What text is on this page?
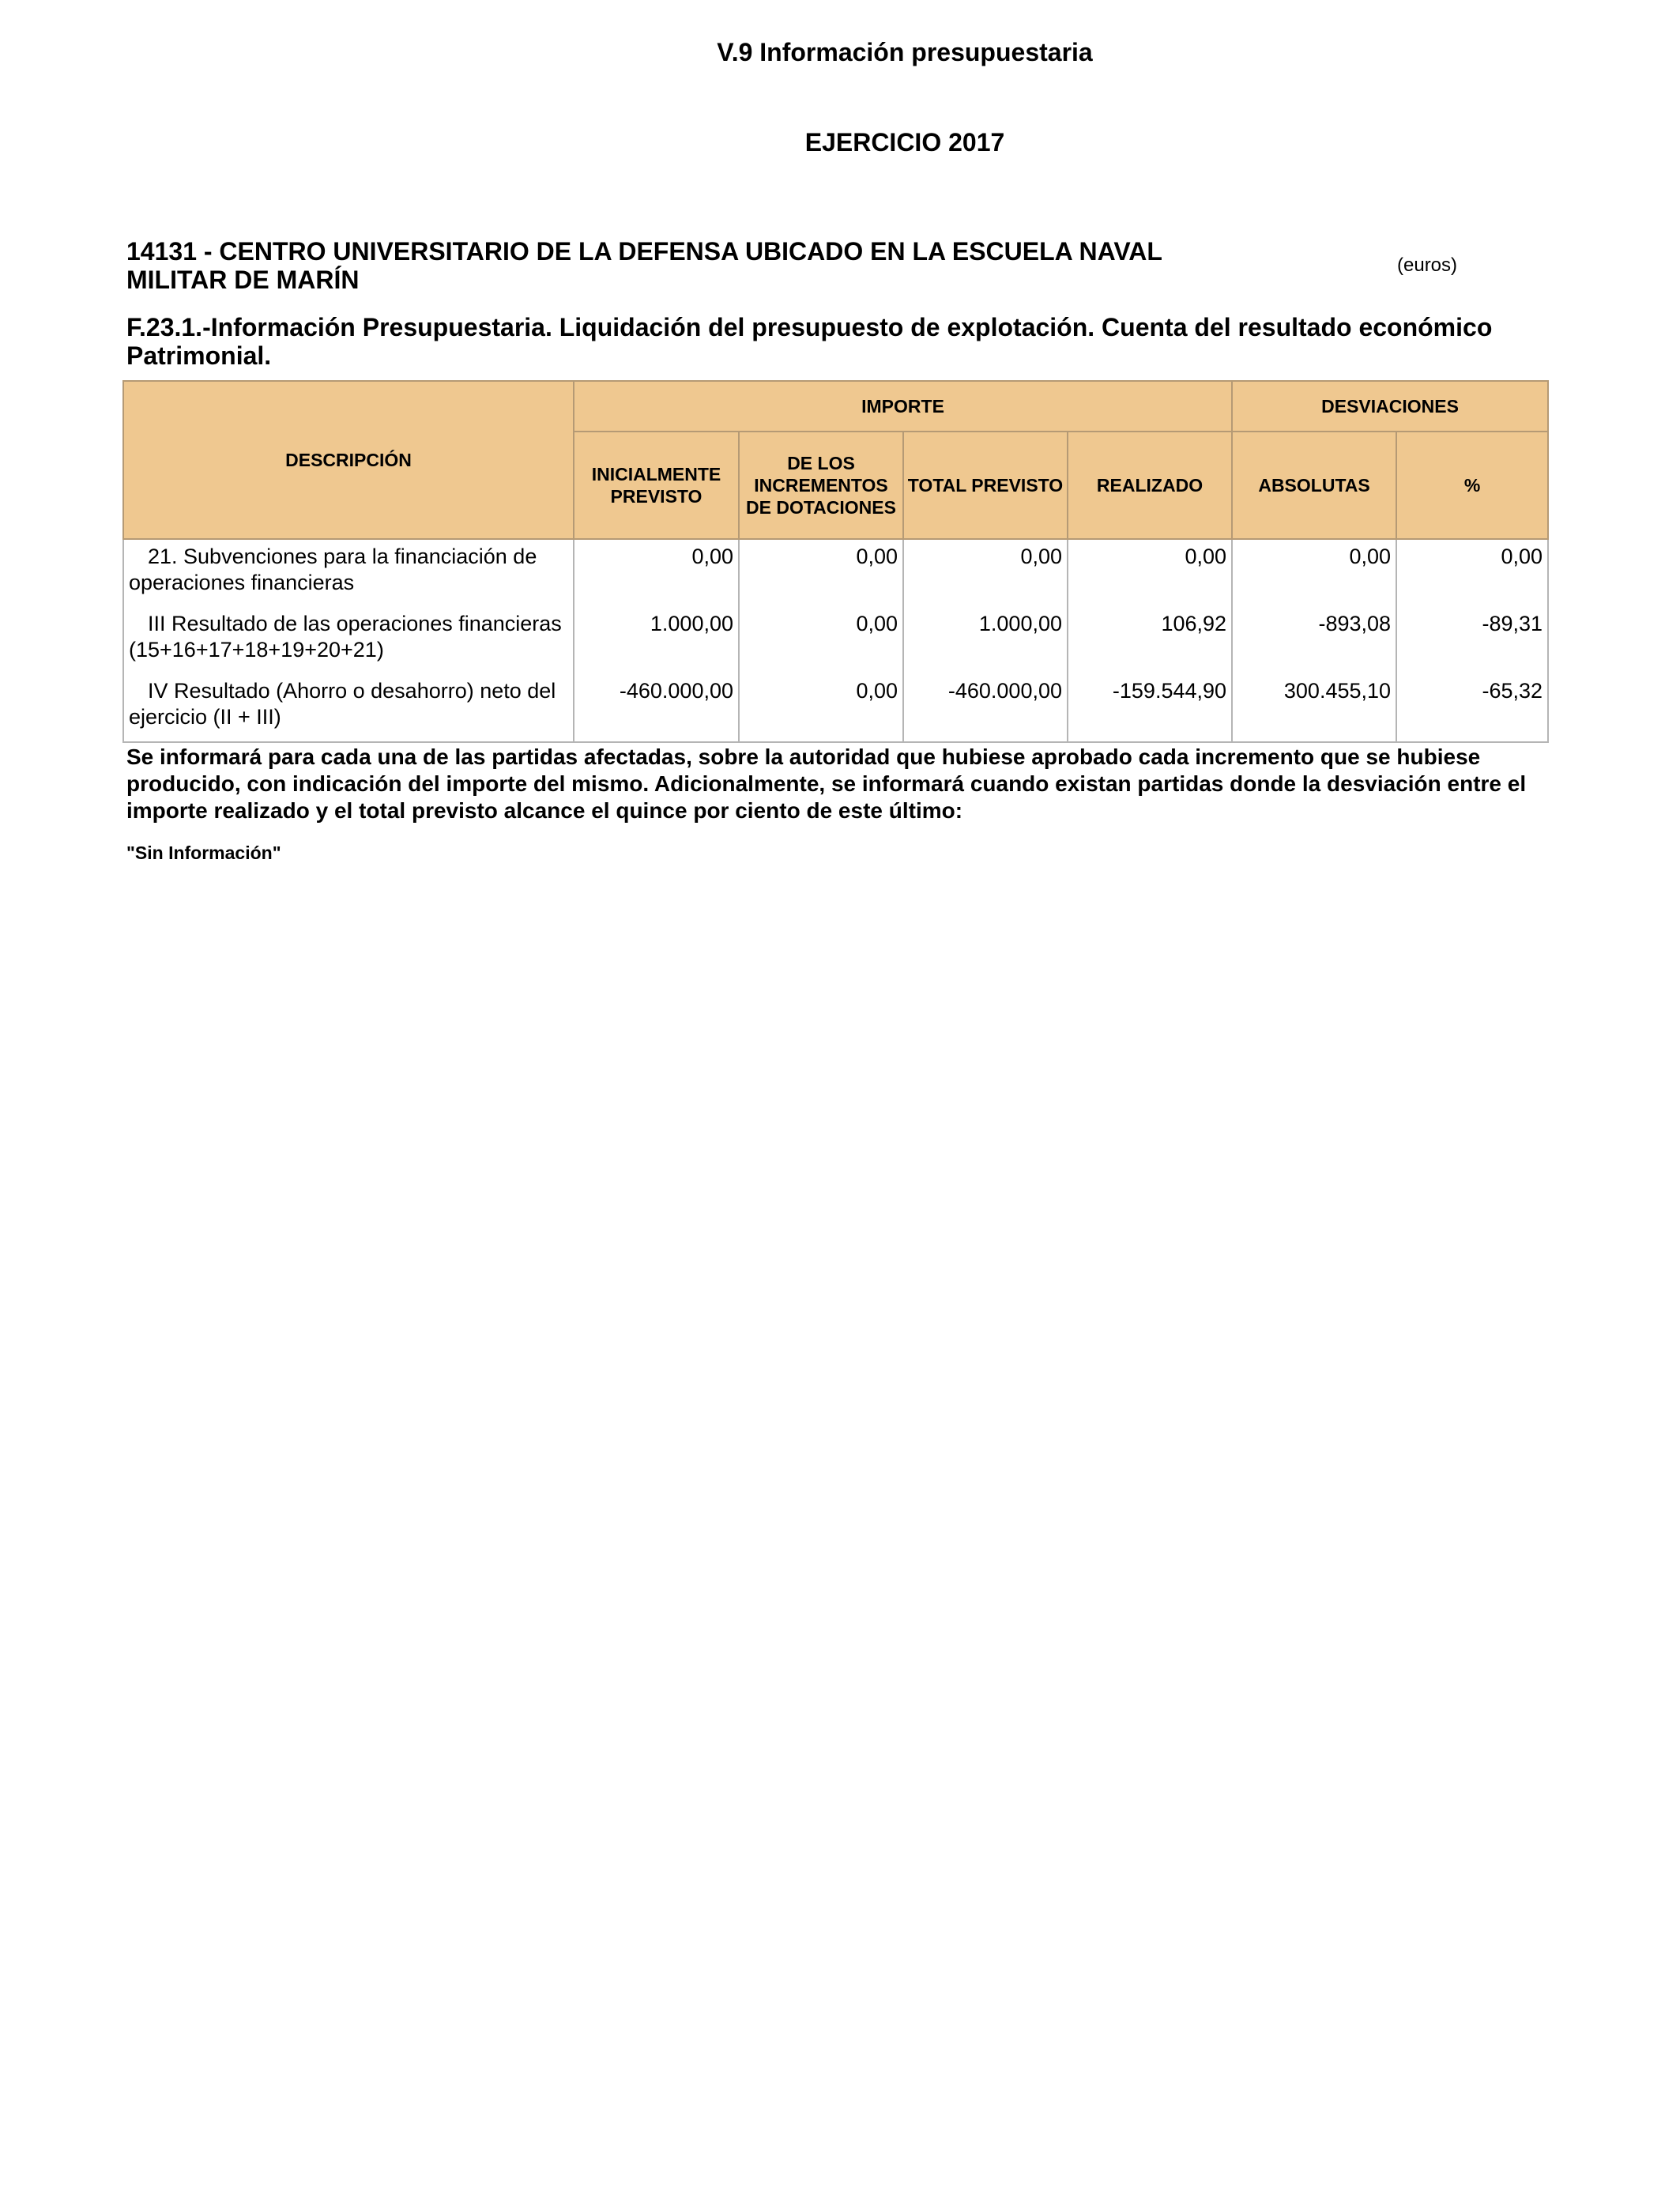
V.9 Información presupuestaria
EJERCICIO 2017
14131 - CENTRO UNIVERSITARIO DE LA DEFENSA UBICADO EN LA ESCUELA NAVAL
MILITAR DE MARÍN
(euros)
F.23.1.-Información Presupuestaria. Liquidación del presupuesto de explotación. Cuenta del resultado económico
Patrimonial.
DESCRIPCIÓN	IMPORTE				DESVIACIONES	
	INICIALMENTE PREVISTO	DE LOS INCREMENTOS DE DOTACIONES	TOTAL PREVISTO	REALIZADO	ABSOLUTAS	%
21. Subvenciones para la financiación de operaciones financieras	0,00	0,00	0,00	0,00	0,00	0,00
III Resultado de las operaciones financieras (15+16+17+18+19+20+21)	1.000,00	0,00	1.000,00	106,92	-893,08	-89,31
IV Resultado (Ahorro o desahorro) neto del ejercicio (II + III)	-460.000,00	0,00	-460.000,00	-159.544,90	300.455,10	-65,32
Se informará para cada una de las partidas afectadas, sobre la autoridad que hubiese aprobado cada incremento que se hubiese producido, con indicación del importe del mismo. Adicionalmente, se informará cuando existan partidas donde la desviación entre el importe realizado y el total previsto alcance el quince por ciento de este último:
"Sin Información"
